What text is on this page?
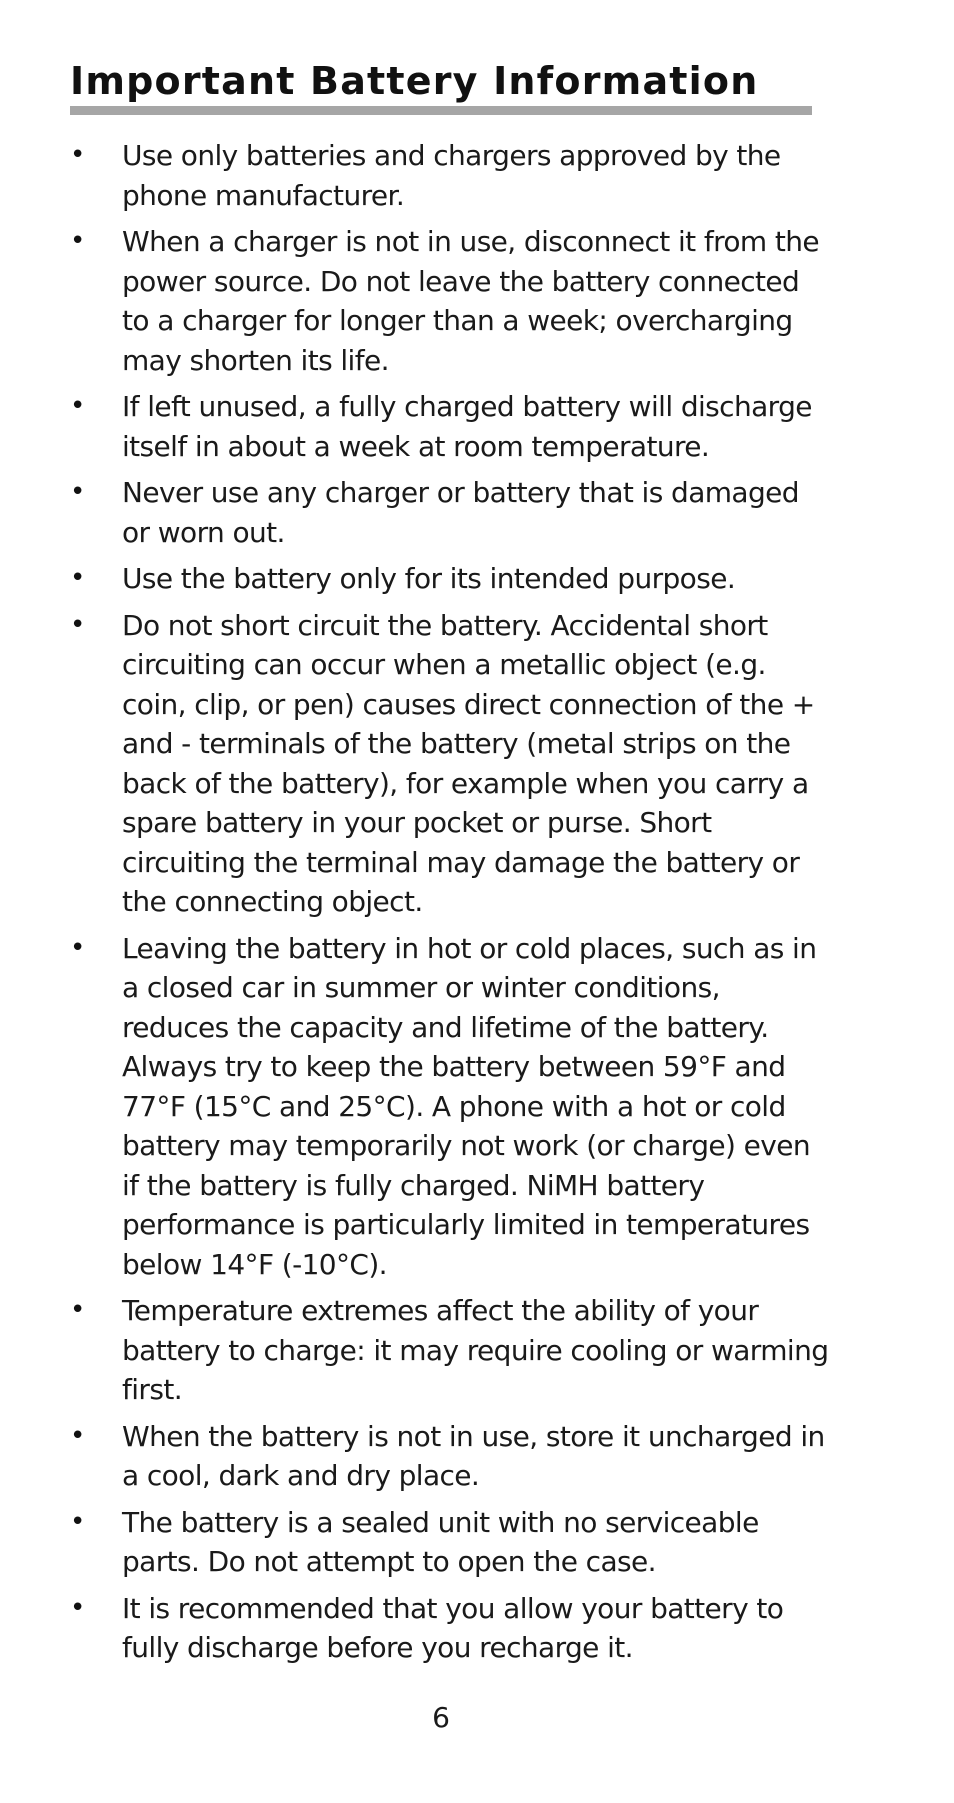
Important Battery Information
• Use only batteries and chargers approved by the phone manufacturer.
• When a charger is not in use, disconnect it from the power source. Do not leave the battery connected to a charger for longer than a week; overcharging may shorten its life.
• If left unused, a fully charged battery will discharge itself in about a week at room temperature.
• Never use any charger or battery that is damaged or worn out.
• Use the battery only for its intended purpose.
• Do not short circuit the battery. Accidental short circuiting can occur when a metallic object (e.g. coin, clip, or pen) causes direct connection of the + and - terminals of the battery (metal strips on the back of the battery), for example when you carry a spare battery in your pocket or purse. Short circuiting the terminal may damage the battery or the connecting object.
• Leaving the battery in hot or cold places, such as in a closed car in summer or winter conditions, reduces the capacity and lifetime of the battery. Always try to keep the battery between 59°F and 77°F (15°C and 25°C). A phone with a hot or cold battery may temporarily not work (or charge) even if the battery is fully charged. NiMH battery performance is particularly limited in temperatures below 14°F (-10°C).
• Temperature extremes affect the ability of your battery to charge: it may require cooling or warming first.
• When the battery is not in use, store it uncharged in a cool, dark and dry place.
• The battery is a sealed unit with no serviceable parts. Do not attempt to open the case.
• It is recommended that you allow your battery to fully discharge before you recharge it.
6
